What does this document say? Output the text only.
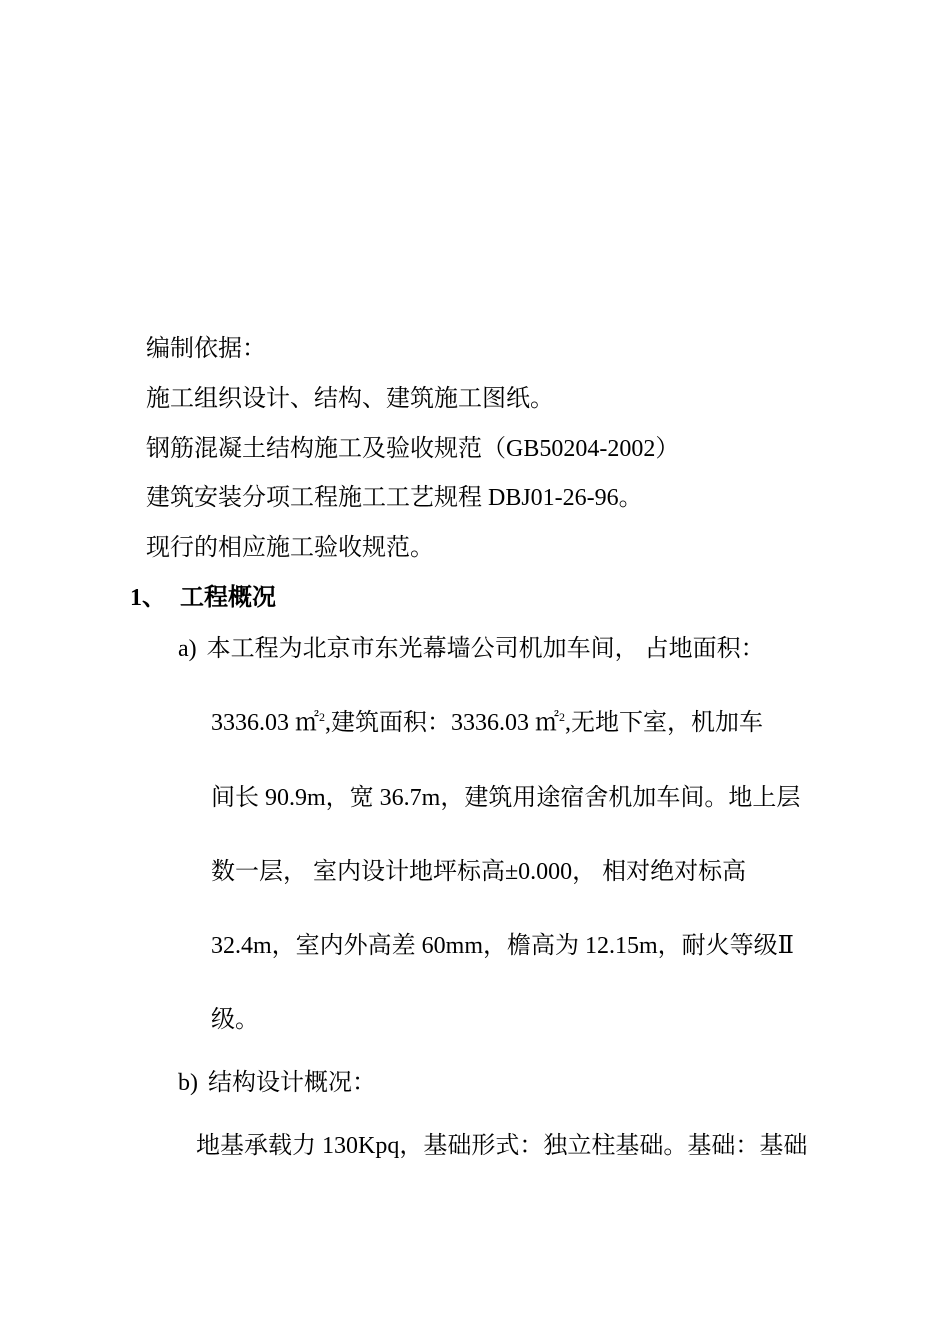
编制依据：

施工组织设计、结构、建筑施工图纸。

钢筋混凝土结构施工及验收规范（GB50204-2002）

建筑安装分项工程施工工艺规程 DBJ01-26-96。

现行的相应施工验收规范。

1、 工程概况

a) 本工程为北京市东光幕墙公司机加车间， 占地面积：

3336.03 ㎡$^2$,建筑面积：3336.03 ㎡$^2$,无地下室，机加车

间长 90.9m，宽 36.7m，建筑用途宿舍机加车间。地上层

数一层， 室内设计地坪标高±0.000， 相对绝对标高

32.4m，室内外高差 60mm，檐高为 12.15m，耐火等级Ⅱ

级。

b) 结构设计概况：

地基承载力 130Kpq，基础形式：独立柱基础。基础：基础
